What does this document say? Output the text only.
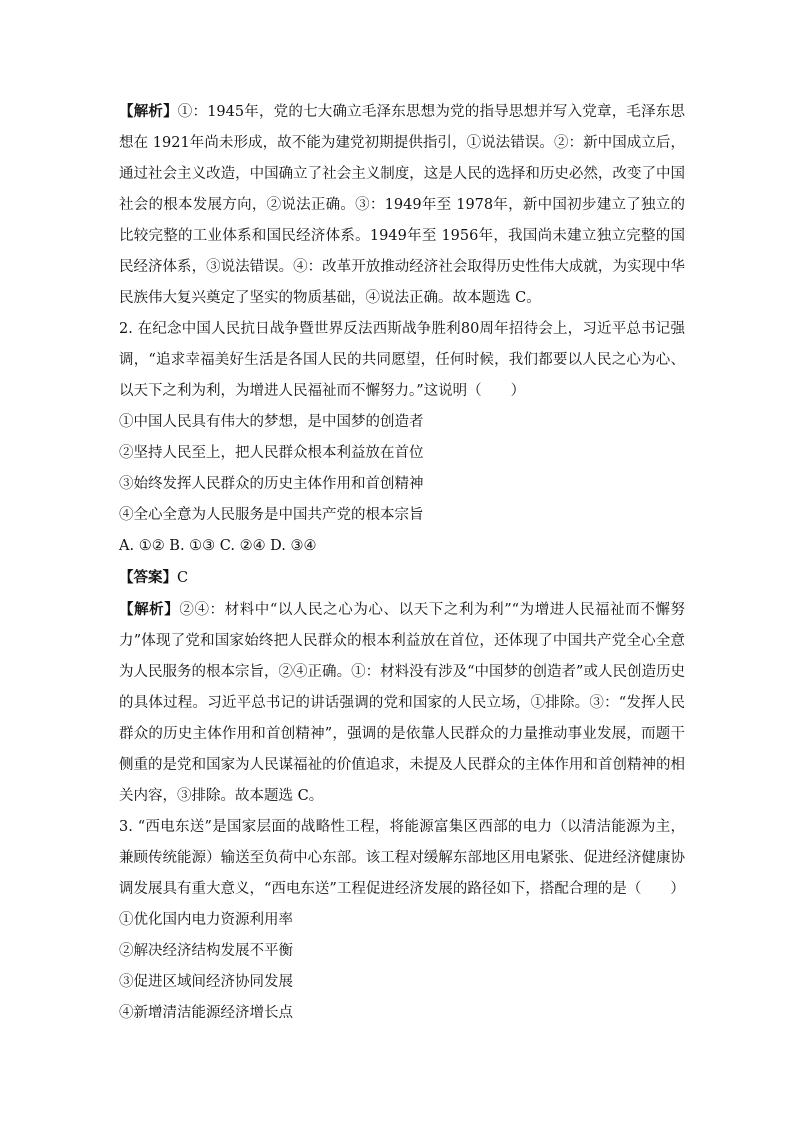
【解析】①：1945年，党的七大确立毛泽东思想为党的指导思想并写入党章，毛泽东思想在 1921年尚未形成，故不能为建党初期提供指引，①说法错误。②：新中国成立后，通过社会主义改造，中国确立了社会主义制度，这是人民的选择和历史必然，改变了中国社会的根本发展方向，②说法正确。③：1949年至 1978年，新中国初步建立了独立的比较完整的工业体系和国民经济体系。1949年至 1956年，我国尚未建立独立完整的国民经济体系，③说法错误。④：改革开放推动经济社会取得历史性伟大成就，为实现中华民族伟大复兴奠定了坚实的物质基础，④说法正确。故本题选 C。

2. 在纪念中国人民抗日战争暨世界反法西斯战争胜利80周年招待会上，习近平总书记强调，“追求幸福美好生活是各国人民的共同愿望，任何时候，我们都要以人民之心为心、以天下之利为利，为增进人民福祉而不懈努力。”这说明（　　）

①中国人民具有伟大的梦想，是中国梦的创造者

②坚持人民至上，把人民群众根本利益放在首位

③始终发挥人民群众的历史主体作用和首创精神

④全心全意为人民服务是中国共产党的根本宗旨

A. ①② B. ①③ C. ②④ D. ③④

【答案】C

【解析】②④：材料中“以人民之心为心、以天下之利为利”“为增进人民福祉而不懈努力”体现了党和国家始终把人民群众的根本利益放在首位，还体现了中国共产党全心全意为人民服务的根本宗旨，②④正确。①：材料没有涉及“中国梦的创造者”或人民创造历史的具体过程。习近平总书记的讲话强调的党和国家的人民立场，①排除。③：“发挥人民群众的历史主体作用和首创精神”，强调的是依靠人民群众的力量推动事业发展，而题干侧重的是党和国家为人民谋福祉的价值追求，未提及人民群众的主体作用和首创精神的相关内容，③排除。故本题选 C。

3. “西电东送”是国家层面的战略性工程，将能源富集区西部的电力（以清洁能源为主，兼顾传统能源）输送至负荷中心东部。该工程对缓解东部地区用电紧张、促进经济健康协调发展具有重大意义，“西电东送”工程促进经济发展的路径如下，搭配合理的是（　　）

①优化国内电力资源利用率

②解决经济结构发展不平衡

③促进区域间经济协同发展

④新增清洁能源经济增长点
